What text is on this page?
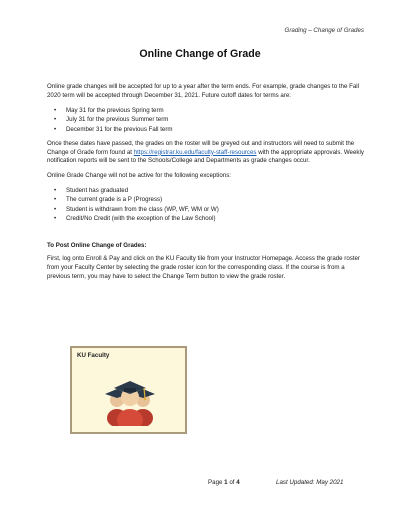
Grading – Change of Grades
Online Change of Grade

Online grade changes will be accepted for up to a year after the term ends. For example, grade changes to the Fall 2020 term will be accepted through December 31, 2021. Future cutoff dates for terms are:

• May 31 for the previous Spring term
• July 31 for the previous Summer term
• December 31 for the previous Fall term

Once these dates have passed, the grades on the roster will be greyed out and instructors will need to submit the Change of Grade form found at https://registrar.ku.edu/faculty-staff-resources with the appropriate approvals. Weekly notification reports will be sent to the Schools/College and Departments as grade changes occur.

Online Grade Change will not be active for the following exceptions:

• Student has graduated
• The current grade is a P (Progress)
• Student is withdrawn from the class (WP, WF, WM or W)
• Credit/No Credit (with the exception of the Law School)

To Post Online Change of Grades:

First, log onto Enroll & Pay and click on the KU Faculty tile from your Instructor Homepage. Access the grade roster from your Faculty Center by selecting the grade roster icon for the corresponding class. If the course is from a previous term, you may have to select the Change Term button to view the grade roster.

KU Faculty
Page 1 of 4	Last Updated: May 2021
